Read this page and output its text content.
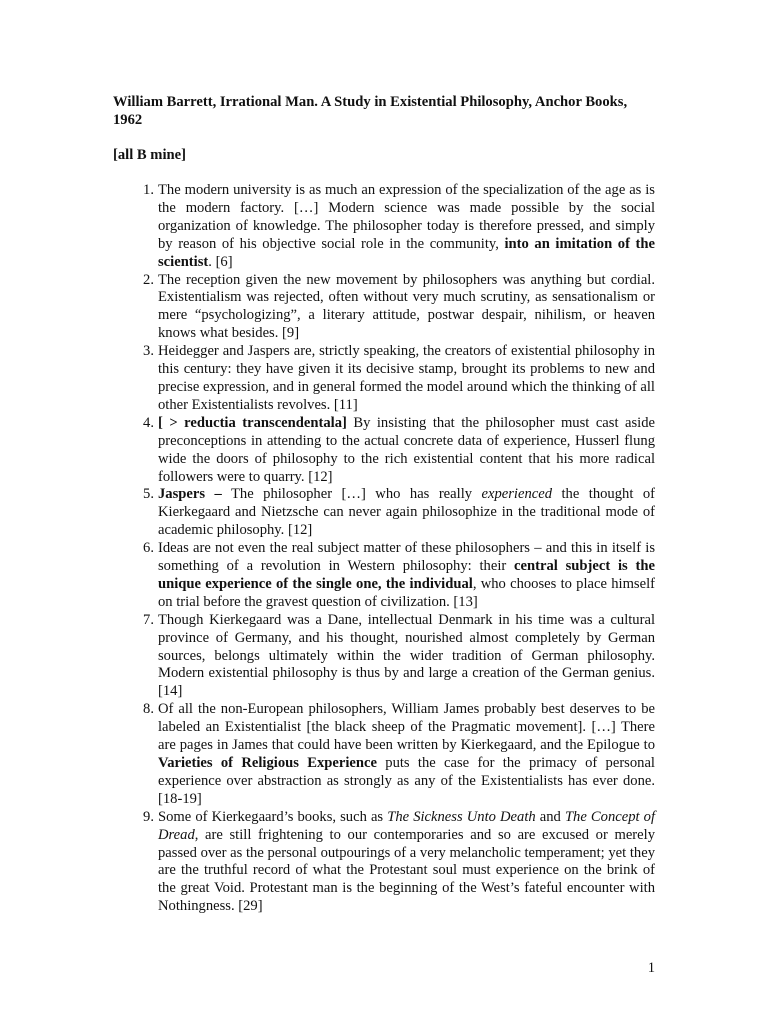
William Barrett, Irrational Man. A Study in Existential Philosophy, Anchor Books, 1962

[all B mine]

1. The modern university is as much an expression of the specialization of the age as is the modern factory. […] Modern science was made possible by the social organization of knowledge. The philosopher today is therefore pressed, and simply by reason of his objective social role in the community, into an imitation of the scientist. [6]
2. The reception given the new movement by philosophers was anything but cordial. Existentialism was rejected, often without very much scrutiny, as sensationalism or mere “psychologizing”, a literary attitude, postwar despair, nihilism, or heaven knows what besides. [9]
3. Heidegger and Jaspers are, strictly speaking, the creators of existential philosophy in this century: they have given it its decisive stamp, brought its problems to new and precise expression, and in general formed the model around which the thinking of all other Existentialists revolves. [11]
4. [ > reductia transcendentala] By insisting that the philosopher must cast aside preconceptions in attending to the actual concrete data of experience, Husserl flung wide the doors of philosophy to the rich existential content that his more radical followers were to quarry. [12]
5. Jaspers – The philosopher […] who has really experienced the thought of Kierkegaard and Nietzsche can never again philosophize in the traditional mode of academic philosophy. [12]
6. Ideas are not even the real subject matter of these philosophers – and this in itself is something of a revolution in Western philosophy: their central subject is the unique experience of the single one, the individual, who chooses to place himself on trial before the gravest question of civilization. [13]
7. Though Kierkegaard was a Dane, intellectual Denmark in his time was a cultural province of Germany, and his thought, nourished almost completely by German sources, belongs ultimately within the wider tradition of German philosophy. Modern existential philosophy is thus by and large a creation of the German genius. [14]
8. Of all the non-European philosophers, William James probably best deserves to be labeled an Existentialist [the black sheep of the Pragmatic movement]. […] There are pages in James that could have been written by Kierkegaard, and the Epilogue to Varieties of Religious Experience puts the case for the primacy of personal experience over abstraction as strongly as any of the Existentialists has ever done. [18-19]
9. Some of Kierkegaard’s books, such as The Sickness Unto Death and The Concept of Dread, are still frightening to our contemporaries and so are excused or merely passed over as the personal outpourings of a very melancholic temperament; yet they are the truthful record of what the Protestant soul must experience on the brink of the great Void. Protestant man is the beginning of the West’s fateful encounter with Nothingness. [29]

1
